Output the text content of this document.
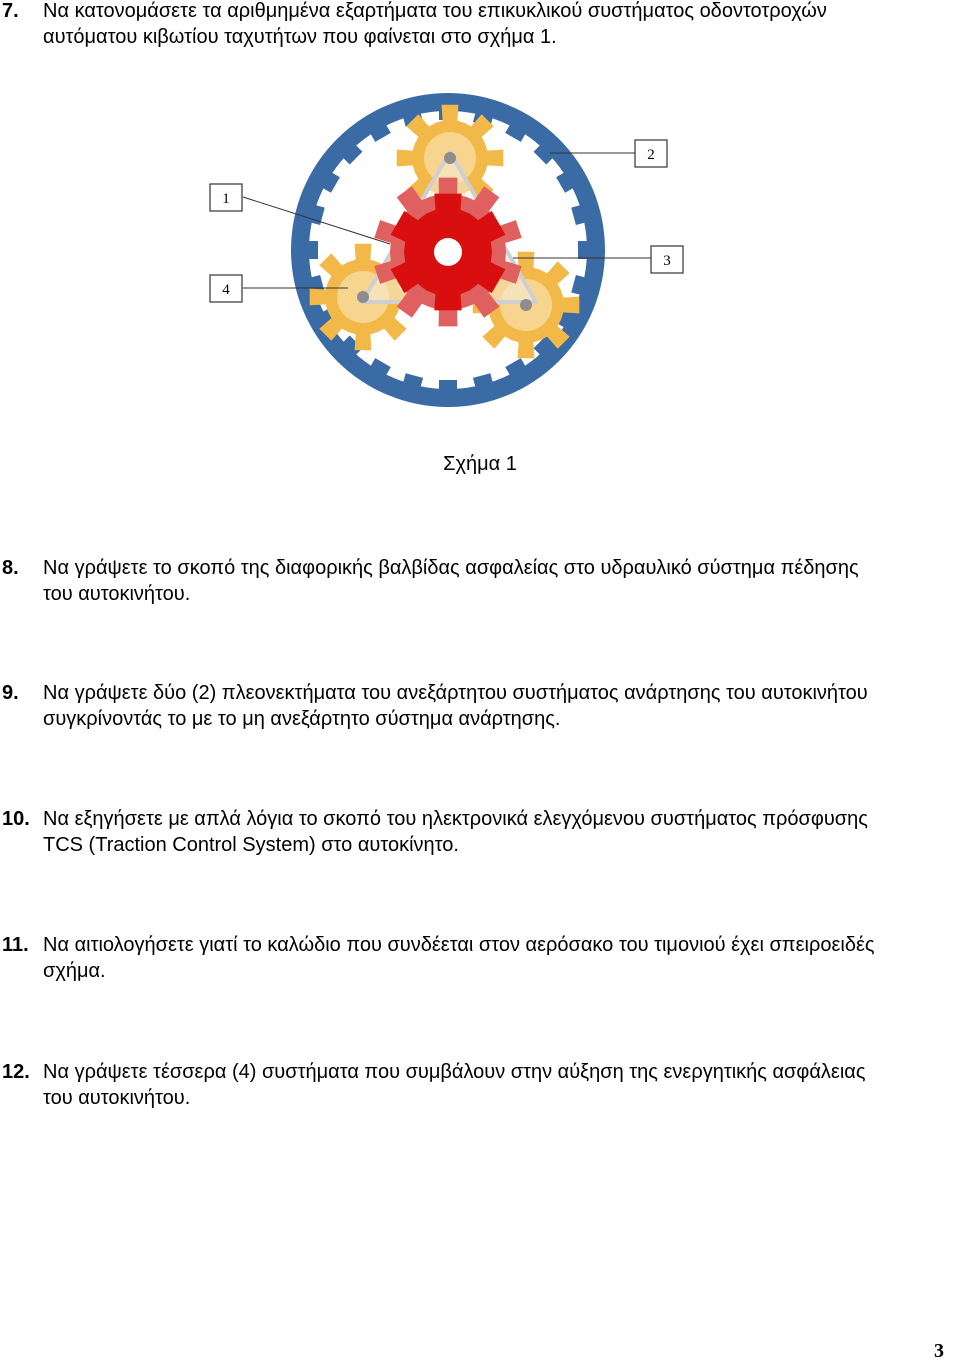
7. Να κατονομάσετε τα αριθμημένα εξαρτήματα του επικυκλικού συστήματος οδοντοτροχών
αυτόματου κιβωτίου ταχυτήτων που φαίνεται στο σχήμα 1.
1
2
3
4
Σχήμα 1
8. Να γράψετε το σκοπό της διαφορικής βαλβίδας ασφαλείας στο υδραυλικό σύστημα πέδησης
του αυτοκινήτου.
9. Να γράψετε δύο (2) πλεονεκτήματα του ανεξάρτητου συστήματος ανάρτησης του αυτοκινήτου
συγκρίνοντάς το με το μη ανεξάρτητο σύστημα ανάρτησης.
10. Να εξηγήσετε με απλά λόγια το σκοπό του ηλεκτρονικά ελεγχόμενου συστήματος πρόσφυσης
TCS (Traction Control System) στο αυτοκίνητο.
11. Να αιτιολογήσετε γιατί το καλώδιο που συνδέεται στον αερόσακο του τιμονιού έχει σπειροειδές
σχήμα.
12. Να γράψετε τέσσερα (4) συστήματα που συμβάλουν στην αύξηση της ενεργητικής ασφάλειας
του αυτοκινήτου.
3
